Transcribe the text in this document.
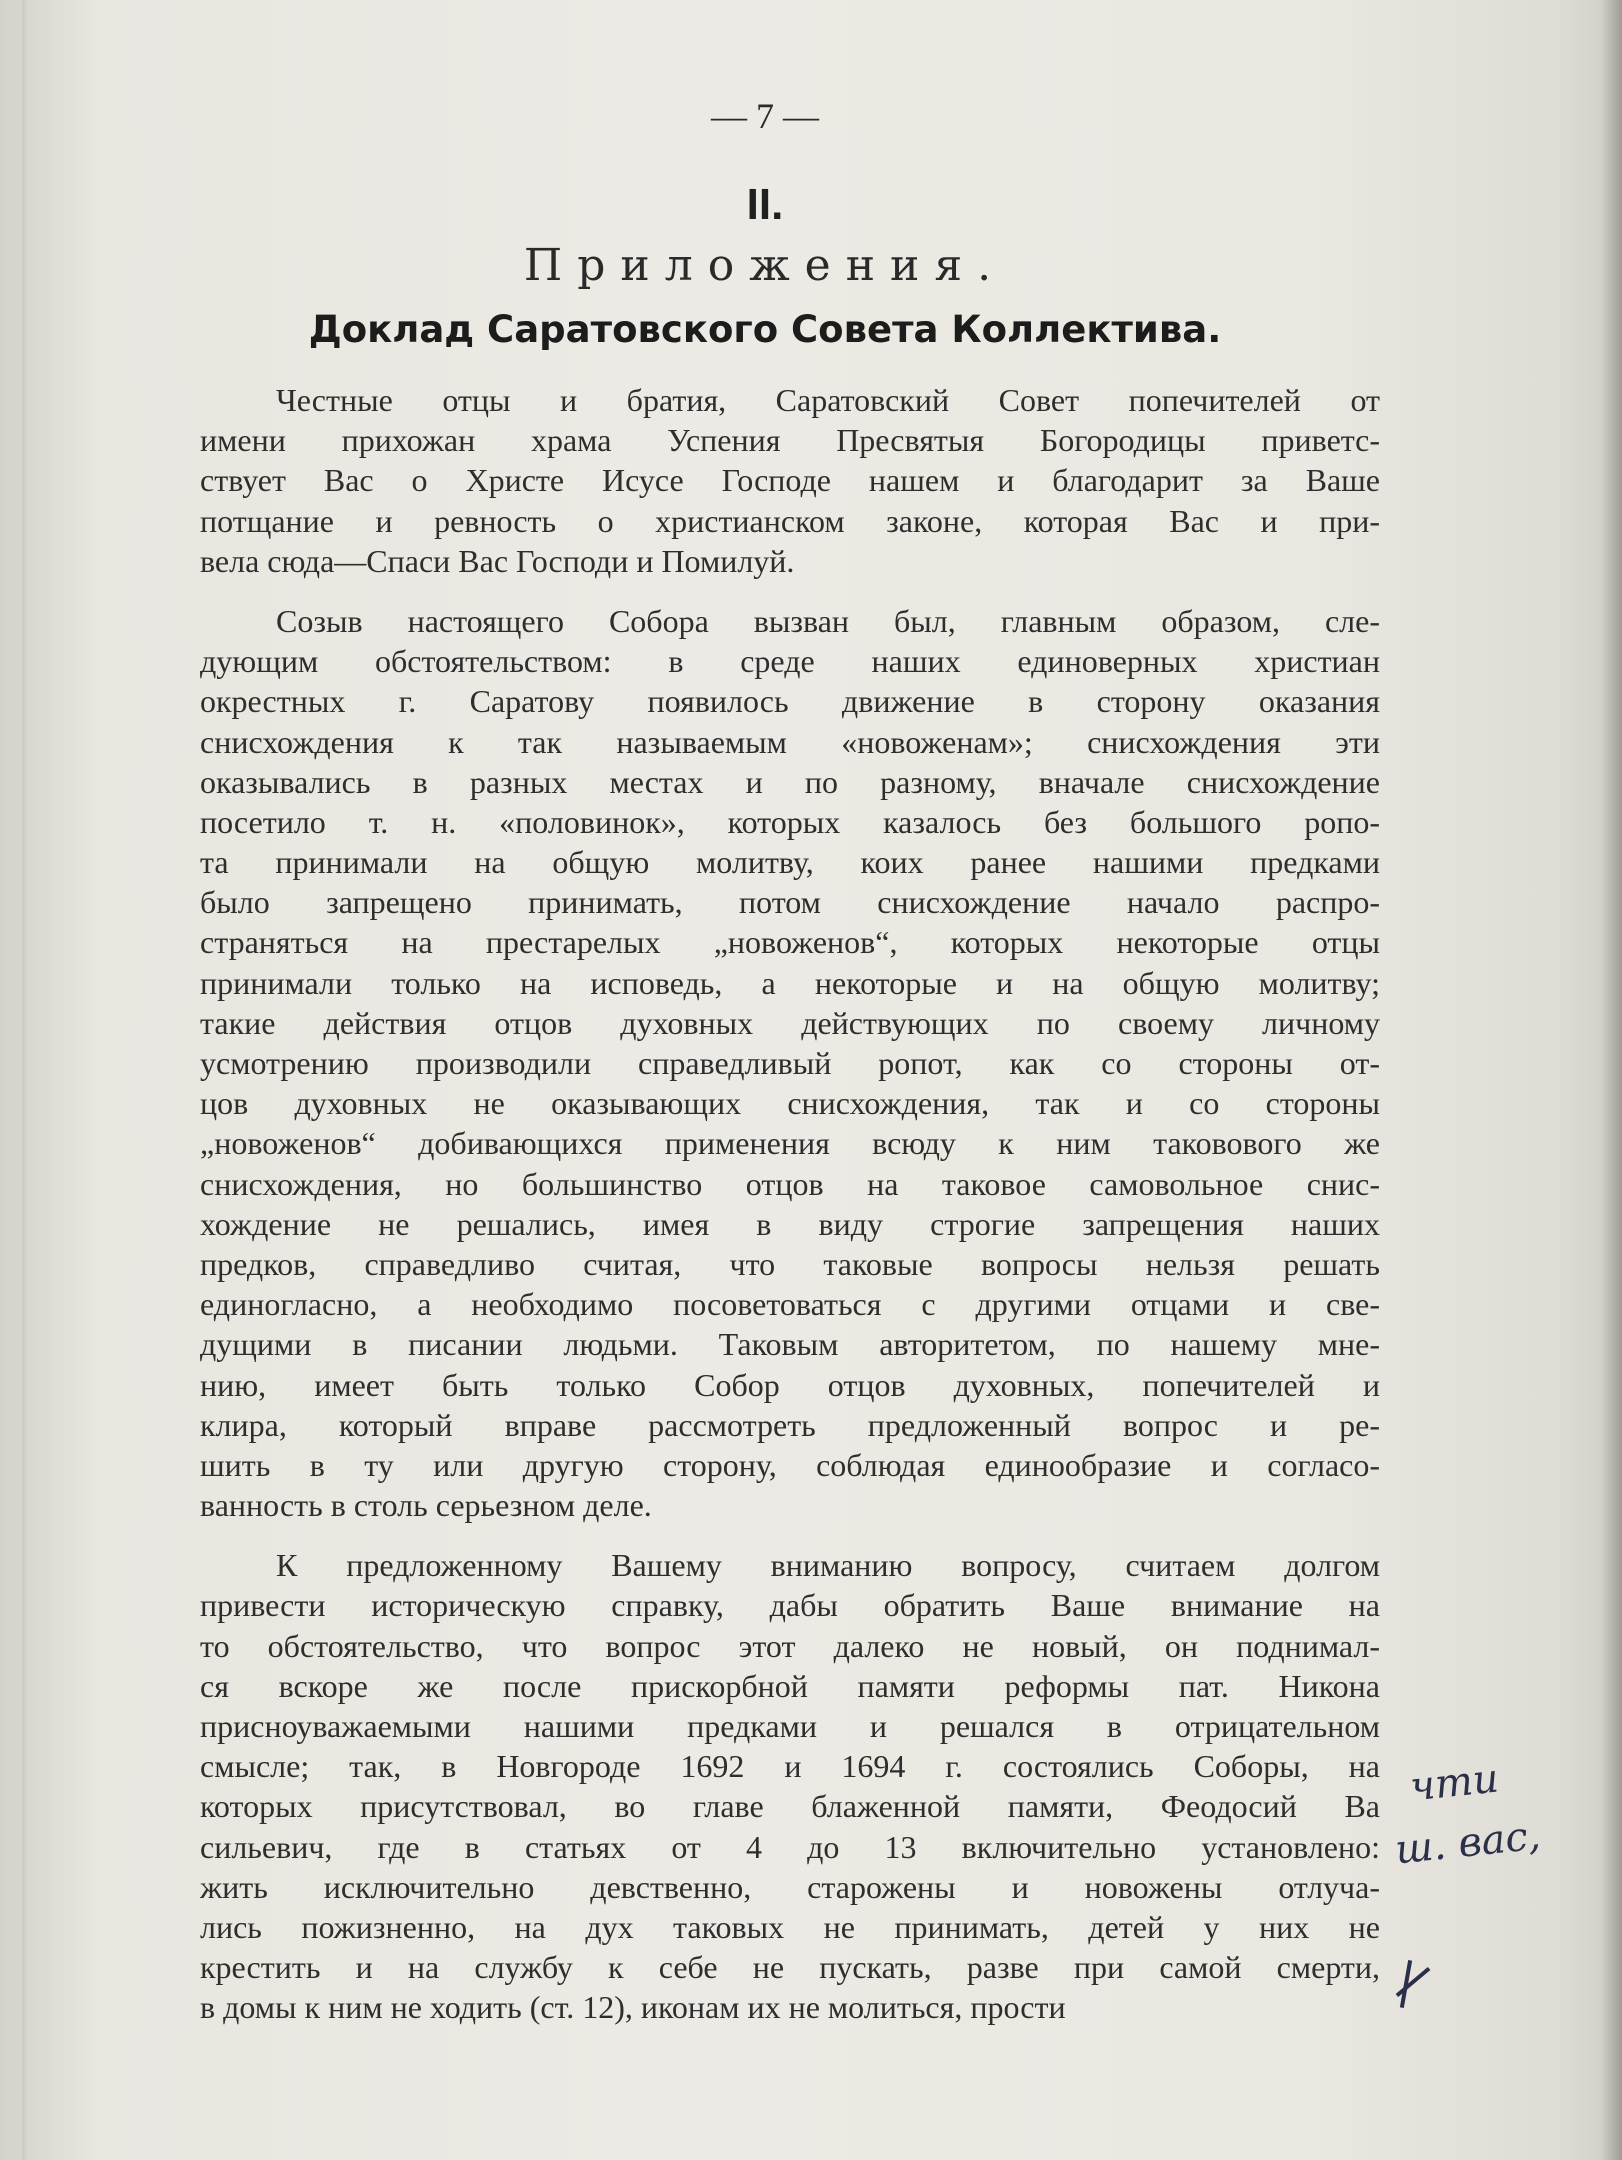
— 7 —
II.
Приложения.
Доклад Саратовского Совета Коллектива.
Честные отцы и братия, Саратовский Совет попечителей от
имени прихожан храма Успения Пресвятыя Богородицы приветс-
ствует Вас о Христе Исусе Господе нашем и благодарит за Ваше
потщание и ревность о христианском законе, которая Вас и при-
вела сюда—Спаси Вас Господи и Помилуй.
Созыв настоящего Собора вызван был, главным образом, сле-
дующим обстоятельством: в среде наших единоверных христиан
окрестных г. Саратову появилось движение в сторону оказания
снисхождения к так называемым «новоженам»; снисхождения эти
оказывались в разных местах и по разному, вначале снисхождение
посетило т. н. «половинок», которых казалось без большого ропо-
та принимали на общую молитву, коих ранее нашими предками
было запрещено принимать, потом снисхождение начало распро-
страняться на престарелых „новоженов“, которых некоторые отцы
принимали только на исповедь, а некоторые и на общую молитву;
такие действия отцов духовных действующих по своему личному
усмотрению производили справедливый ропот, как со стороны от-
цов духовных не оказывающих снисхождения, так и со стороны
„новоженов“ добивающихся применения всюду к ним таковового же
снисхождения, но большинство отцов на таковое самовольное снис-
хождение не решались, имея в виду строгие запрещения наших
предков, справедливо считая, что таковые вопросы нельзя решать
единогласно, а необходимо посоветоваться с другими отцами и све-
дущими в писании людьми. Таковым авторитетом, по нашему мне-
нию, имеет быть только Собор отцов духовных, попечителей и
клира, который вправе рассмотреть предложенный вопрос и ре-
шить в ту или другую сторону, соблюдая единообразие и согласо-
ванность в столь серьезном деле.
К предложенному Вашему вниманию вопросу, считаем долгом
привести историческую справку, дабы обратить Ваше внимание на
то обстоятельство, что вопрос этот далеко не новый, он поднимал-
ся вскоре же после прискорбной памяти реформы пат. Никона
присноуважаемыми нашими предками и решался в отрицательном
смысле; так, в Новгороде 1692 и 1694 г. состоялись Соборы, на
которых присутствовал, во главе блаженной памяти, Феодосий Ва
сильевич, где в статьях от 4 до 13 включительно установлено:
жить исключительно девственно, старожены и новожены отлуча-
лись пожизненно, на дух таковых не принимать, детей у них не
крестить и на службу к себе не пускать, разве при самой смерти,
в домы к ним не ходить (ст. 12), иконам их не молиться, прости
чти
ш. вас,
